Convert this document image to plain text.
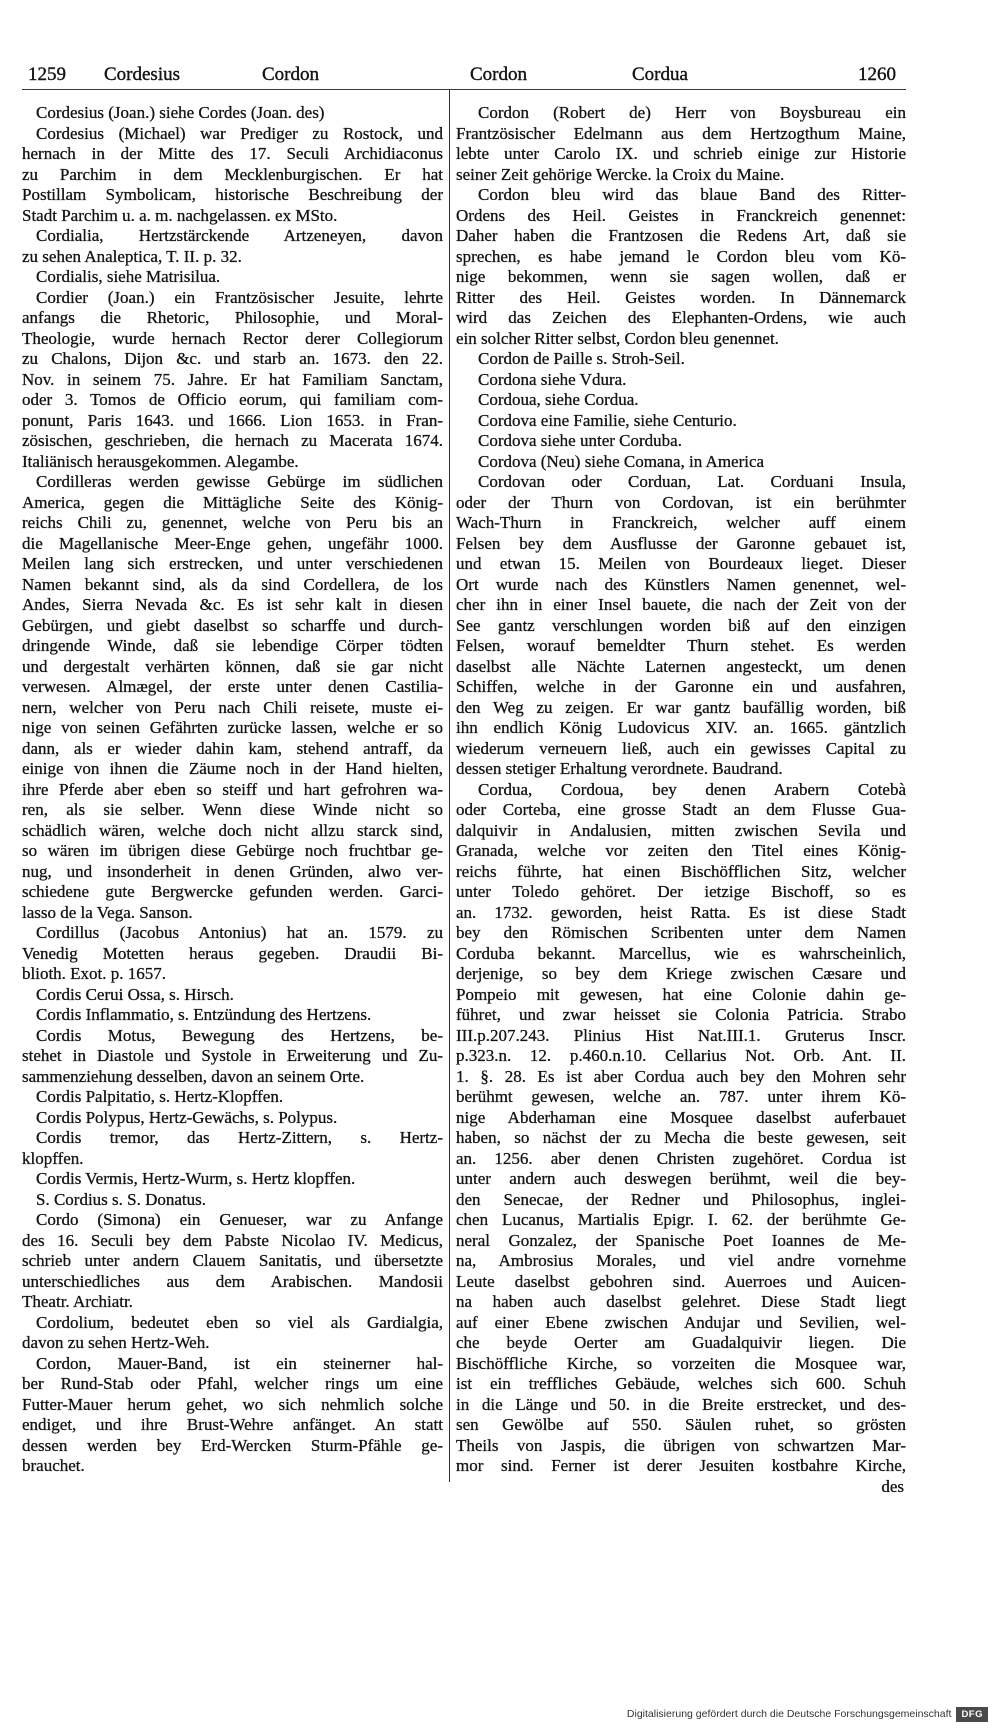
1259 Cordesius	Cordon	Cordon	Cordua	1260
Cordesius (Joan.) siehe Cordes (Joan. des)
Cordesius (Michael) war Prediger zu Rostock, und
hernach in der Mitte des 17. Seculi Archidiaconus
zu Parchim in dem Mecklenburgischen. Er hat
Postillam Symbolicam, historische Beschreibung der
Stadt Parchim u. a. m. nachgelassen. ex MSto.
Cordialia, Hertzstärckende Artzeneyen, davon
zu sehen Analeptica, T. II. p. 32.
Cordialis, siehe Matrisilua.
Cordier (Joan.) ein Frantzösischer Jesuite, lehrte
anfangs die Rhetoric, Philosophie, und Moral-
Theologie, wurde hernach Rector derer Collegiorum
zu Chalons, Dijon &c. und starb an. 1673. den 22.
Nov. in seinem 75. Jahre. Er hat Familiam Sanctam,
oder 3. Tomos de Officio eorum, qui familiam com-
ponunt, Paris 1643. und 1666. Lion 1653. in Fran-
zösischen, geschrieben, die hernach zu Macerata 1674.
Italiänisch herausgekommen. Alegambe.
Cordilleras werden gewisse Gebürge im südlichen
America, gegen die Mittägliche Seite des König-
reichs Chili zu, genennet, welche von Peru bis an
die Magellanische Meer-Enge gehen, ungefähr 1000.
Meilen lang sich erstrecken, und unter verschiedenen
Namen bekannt sind, als da sind Cordellera, de los
Andes, Sierra Nevada &c. Es ist sehr kalt in diesen
Gebürgen, und giebt daselbst so scharffe und durch-
dringende Winde, daß sie lebendige Cörper tödten
und dergestalt verhärten können, daß sie gar nicht
verwesen. Almægel, der erste unter denen Castilia-
nern, welcher von Peru nach Chili reisete, muste ei-
nige von seinen Gefährten zurücke lassen, welche er so
dann, als er wieder dahin kam, stehend antraff, da
einige von ihnen die Zäume noch in der Hand hielten,
ihre Pferde aber eben so steiff und hart gefrohren wa-
ren, als sie selber. Wenn diese Winde nicht so
schädlich wären, welche doch nicht allzu starck sind,
so wären im übrigen diese Gebürge noch fruchtbar ge-
nug, und insonderheit in denen Gründen, alwo ver-
schiedene gute Bergwercke gefunden werden. Garci-
lasso de la Vega. Sanson.
Cordillus (Jacobus Antonius) hat an. 1579. zu
Venedig Motetten heraus gegeben. Draudii Bi-
blioth. Exot. p. 1657.
Cordis Cerui Ossa, s. Hirsch.
Cordis Inflammatio, s. Entzündung des Hertzens.
Cordis Motus, Bewegung des Hertzens, be-
stehet in Diastole und Systole in Erweiterung und Zu-
sammenziehung desselben, davon an seinem Orte.
Cordis Palpitatio, s. Hertz-Klopffen.
Cordis Polypus, Hertz-Gewächs, s. Polypus.
Cordis tremor, das Hertz-Zittern, s. Hertz-
klopffen.
Cordis Vermis, Hertz-Wurm, s. Hertz klopffen.
S. Cordius s. S. Donatus.
Cordo (Simona) ein Genueser, war zu Anfange
des 16. Seculi bey dem Pabste Nicolao IV. Medicus,
schrieb unter andern Clauem Sanitatis, und übersetzte
unterschiedliches aus dem Arabischen. Mandosii
Theatr. Archiatr.
Cordolium, bedeutet eben so viel als Gardialgia,
davon zu sehen Hertz-Weh.
Cordon, Mauer-Band, ist ein steinerner hal-
ber Rund-Stab oder Pfahl, welcher rings um eine
Futter-Mauer herum gehet, wo sich nehmlich solche
endiget, und ihre Brust-Wehre anfänget. An statt
dessen werden bey Erd-Wercken Sturm-Pfähle ge-
brauchet.
Cordon (Robert de) Herr von Boysbureau ein
Frantzösischer Edelmann aus dem Hertzogthum Maine,
lebte unter Carolo IX. und schrieb einige zur Historie
seiner Zeit gehörige Wercke. la Croix du Maine.
Cordon bleu wird das blaue Band des Ritter-
Ordens des Heil. Geistes in Franckreich genennet:
Daher haben die Frantzosen die Redens Art, daß sie
sprechen, es habe jemand le Cordon bleu vom Kö-
nige bekommen, wenn sie sagen wollen, daß er
Ritter des Heil. Geistes worden. In Dännemarck
wird das Zeichen des Elephanten-Ordens, wie auch
ein solcher Ritter selbst, Cordon bleu genennet.
Cordon de Paille s. Stroh-Seil.
Cordona siehe Vdura.
Cordoua, siehe Cordua.
Cordova eine Familie, siehe Centurio.
Cordova siehe unter Corduba.
Cordova (Neu) siehe Comana, in America
Cordovan oder Corduan, Lat. Corduani Insula,
oder der Thurn von Cordovan, ist ein berühmter
Wach-Thurn in Franckreich, welcher auff einem
Felsen bey dem Ausflusse der Garonne gebauet ist,
und etwan 15. Meilen von Bourdeaux lieget. Dieser
Ort wurde nach des Künstlers Namen genennet, wel-
cher ihn in einer Insel bauete, die nach der Zeit von der
See gantz verschlungen worden biß auf den einzigen
Felsen, worauf bemeldter Thurn stehet. Es werden
daselbst alle Nächte Laternen angesteckt, um denen
Schiffen, welche in der Garonne ein und ausfahren,
den Weg zu zeigen. Er war gantz baufällig worden, biß
ihn endlich König Ludovicus XIV. an. 1665. gäntzlich
wiederum verneuern ließ, auch ein gewisses Capital zu
dessen stetiger Erhaltung verordnete. Baudrand.
Cordua, Cordoua, bey denen Arabern Cotebà
oder Corteba, eine grosse Stadt an dem Flusse Gua-
dalquivir in Andalusien, mitten zwischen Sevila und
Granada, welche vor zeiten den Titel eines König-
reichs führte, hat einen Bischöfflichen Sitz, welcher
unter Toledo gehöret. Der ietzige Bischoff, so es
an. 1732. geworden, heist Ratta. Es ist diese Stadt
bey den Römischen Scribenten unter dem Namen
Corduba bekannt. Marcellus, wie es wahrscheinlich,
derjenige, so bey dem Kriege zwischen Cæsare und
Pompeio mit gewesen, hat eine Colonie dahin ge-
führet, und zwar heisset sie Colonia Patricia. Strabo
III.p.207.243. Plinius Hist Nat.III.1. Gruterus Inscr.
p.323.n. 12. p.460.n.10. Cellarius Not. Orb. Ant. II.
1. §. 28. Es ist aber Cordua auch bey den Mohren sehr
berühmt gewesen, welche an. 787. unter ihrem Kö-
nige Abderhaman eine Mosquee daselbst auferbauet
haben, so nächst der zu Mecha die beste gewesen, seit
an. 1256. aber denen Christen zugehöret. Cordua ist
unter andern auch deswegen berühmt, weil die bey-
den Senecae, der Redner und Philosophus, inglei-
chen Lucanus, Martialis Epigr. I. 62. der berühmte Ge-
neral Gonzalez, der Spanische Poet Ioannes de Me-
na, Ambrosius Morales, und viel andre vornehme
Leute daselbst gebohren sind. Auerroes und Auicen-
na haben auch daselbst gelehret. Diese Stadt liegt
auf einer Ebene zwischen Andujar und Sevilien, wel-
che beyde Oerter am Guadalquivir liegen. Die
Bischöffliche Kirche, so vorzeiten die Mosquee war,
ist ein treffliches Gebäude, welches sich 600. Schuh
in die Länge und 50. in die Breite erstrecket, und des-
sen Gewölbe auf 550. Säulen ruhet, so grösten
Theils von Jaspis, die übrigen von schwartzen Mar-
mor sind. Ferner ist derer Jesuiten kostbahre Kirche,
des
Digitalisierung gefördert durch die Deutsche Forschungsgemeinschaft	DFG
